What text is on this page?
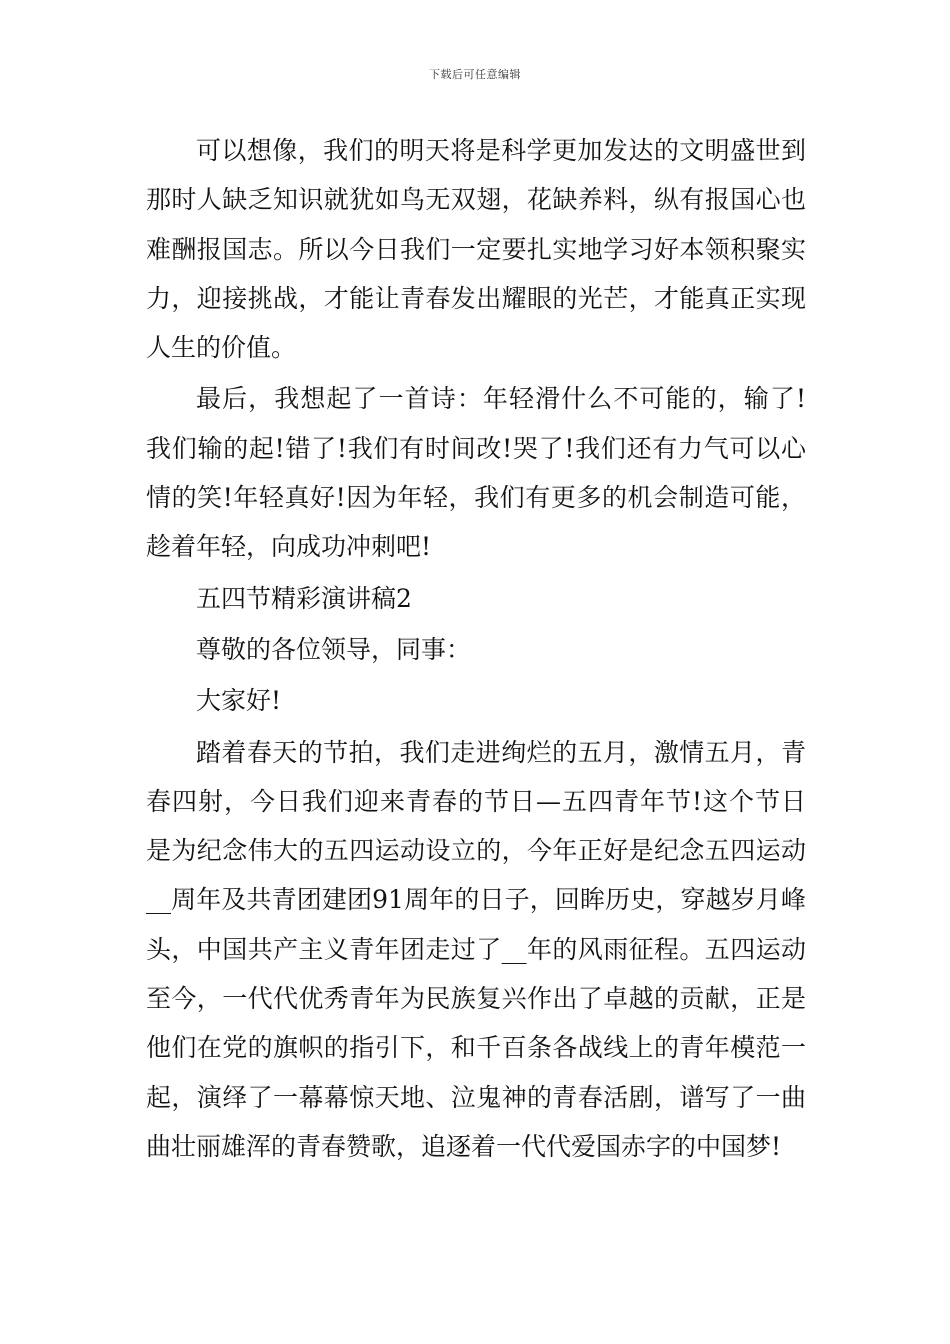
下载后可任意编辑

可以想像，我们的明天将是科学更加发达的文明盛世到那时人缺乏知识就犹如鸟无双翅，花缺养料，纵有报国心也难酬报国志。所以今日我们一定要扎实地学习好本领积聚实力，迎接挑战，才能让青春发出耀眼的光芒，才能真正实现人生的价值。

最后，我想起了一首诗：年轻滑什么不可能的，输了!我们输的起!错了!我们有时间改!哭了!我们还有力气可以心情的笑!年轻真好!因为年轻，我们有更多的机会制造可能，趁着年轻，向成功冲刺吧!

五四节精彩演讲稿2

尊敬的各位领导，同事：

大家好!

踏着春天的节拍，我们走进绚烂的五月，激情五月，青春四射，今日我们迎来青春的节日—五四青年节!这个节日是为纪念伟大的五四运动设立的，今年正好是纪念五四运动__周年及共青团建团91周年的日子，回眸历史，穿越岁月峰头，中国共产主义青年团走过了__年的风雨征程。五四运动至今，一代代优秀青年为民族复兴作出了卓越的贡献，正是他们在党的旗帜的指引下，和千百条各战线上的青年模范一起，演绎了一幕幕惊天地、泣鬼神的青春活剧，谱写了一曲曲壮丽雄浑的青春赞歌，追逐着一代代爱国赤字的中国梦!
